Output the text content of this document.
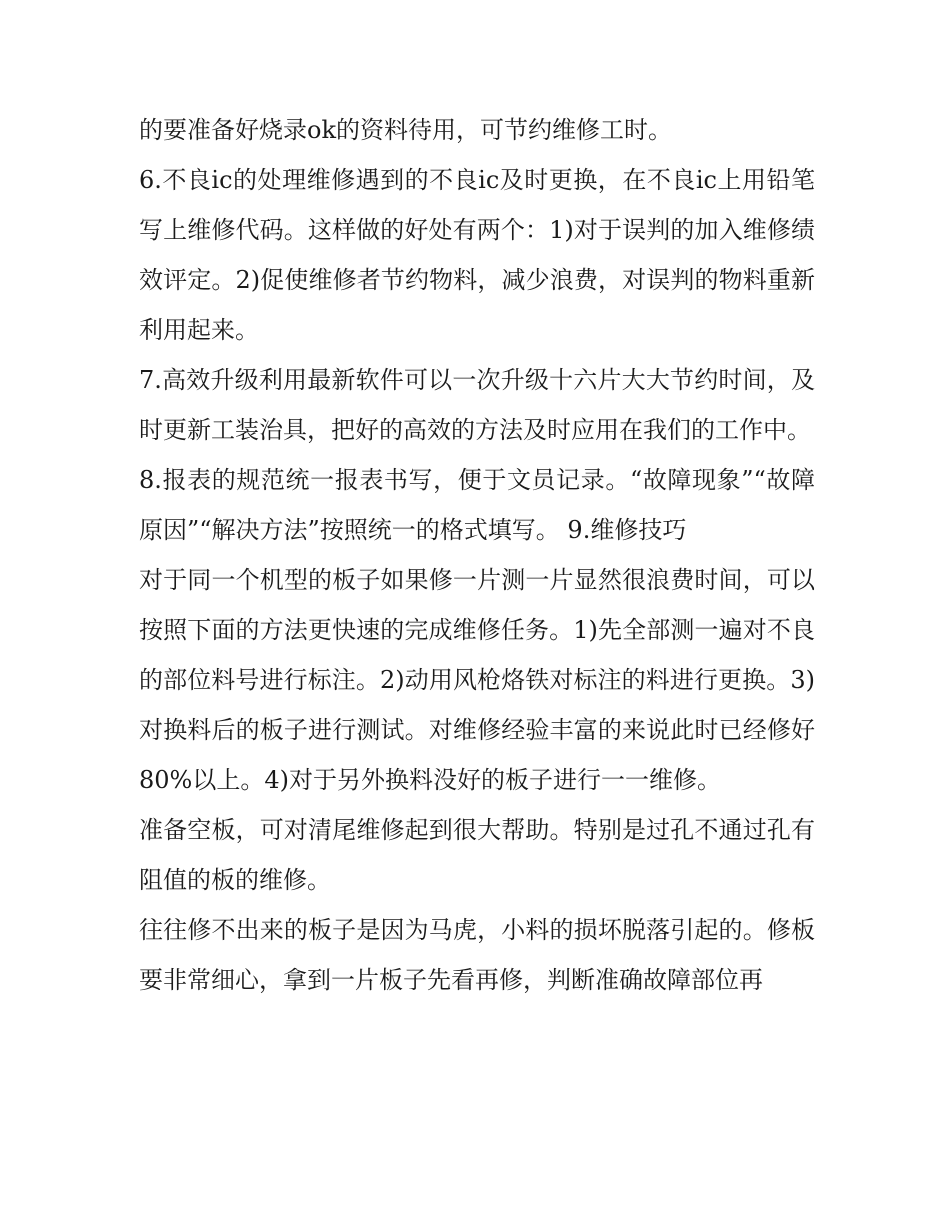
的要准备好烧录ok的资料待用，可节约维修工时。

6.不良ic的处理维修遇到的不良ic及时更换，在不良ic上用铅笔写上维修代码。这样做的好处有两个：1)对于误判的加入维修绩效评定。2)促使维修者节约物料，减少浪费，对误判的物料重新利用起来。

7.高效升级利用最新软件可以一次升级十六片大大节约时间，及时更新工装治具，把好的高效的方法及时应用在我们的工作中。

8.报表的规范统一报表书写，便于文员记录。“故障现象”“故障原因”“解决方法”按照统一的格式填写。 9.维修技巧

对于同一个机型的板子如果修一片测一片显然很浪费时间，可以按照下面的方法更快速的完成维修任务。1)先全部测一遍对不良的部位料号进行标注。2)动用风枪烙铁对标注的料进行更换。3)对换料后的板子进行测试。对维修经验丰富的来说此时已经修好80%以上。4)对于另外换料没好的板子进行一一维修。

准备空板，可对清尾维修起到很大帮助。特别是过孔不通过孔有阻值的板的维修。

往往修不出来的板子是因为马虎，小料的损坏脱落引起的。修板要非常细心，拿到一片板子先看再修，判断准确故障部位再
